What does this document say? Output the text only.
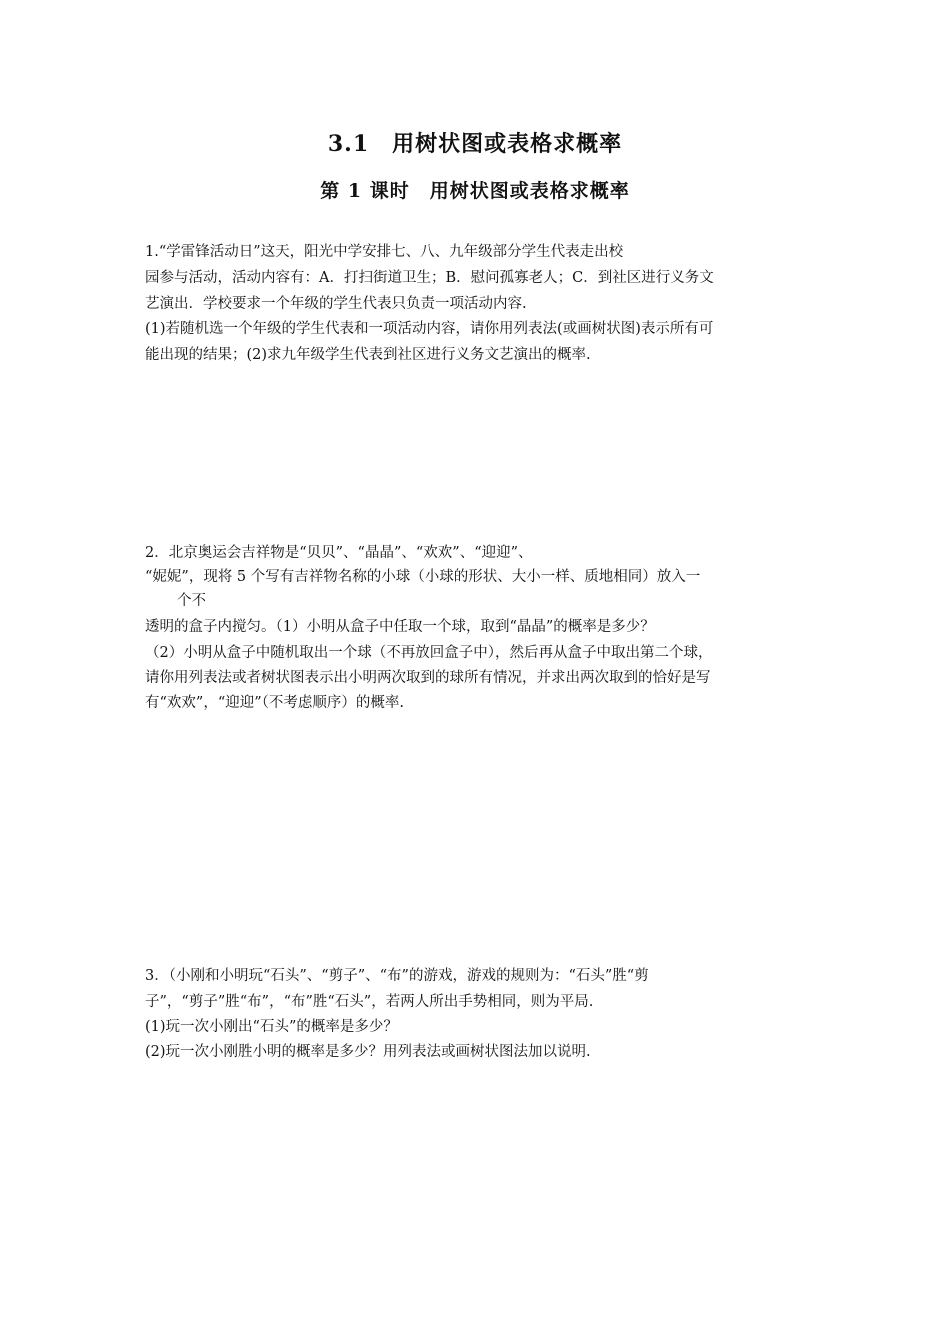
3.1　用树状图或表格求概率
第 1 课时　用树状图或表格求概率

1.“学雷锋活动日”这天，阳光中学安排七、八、九年级部分学生代表走出校

园参与活动，活动内容有：A．打扫街道卫生；B．慰问孤寡老人；C．到社区进行义务文

艺演出．学校要求一个年级的学生代表只负责一项活动内容.

(1)若随机选一个年级的学生代表和一项活动内容，请你用列表法(或画树状图)表示所有可

能出现的结果；(2)求九年级学生代表到社区进行义务文艺演出的概率.

2．北京奥运会吉祥物是“贝贝”、“晶晶”、“欢欢”、“迎迎”、

“妮妮”，现将 5 个写有吉祥物名称的小球（小球的形状、大小一样、质地相同）放入一

个不

透明的盒子内搅匀。（1）小明从盒子中任取一个球，取到“晶晶”的概率是多少？

（2）小明从盒子中随机取出一个球（不再放回盒子中），然后再从盒子中取出第二个球，

请你用列表法或者树状图表示出小明两次取到的球所有情况，并求出两次取到的恰好是写

有“欢欢”，“迎迎”（不考虑顺序）的概率.

3．（小刚和小明玩“石头”、“剪子”、“布”的游戏，游戏的规则为：“石头”胜“剪

子”，“剪子”胜“布”，“布”胜“石头”，若两人所出手势相同，则为平局.

(1)玩一次小刚出“石头”的概率是多少？

(2)玩一次小刚胜小明的概率是多少？用列表法或画树状图法加以说明.
